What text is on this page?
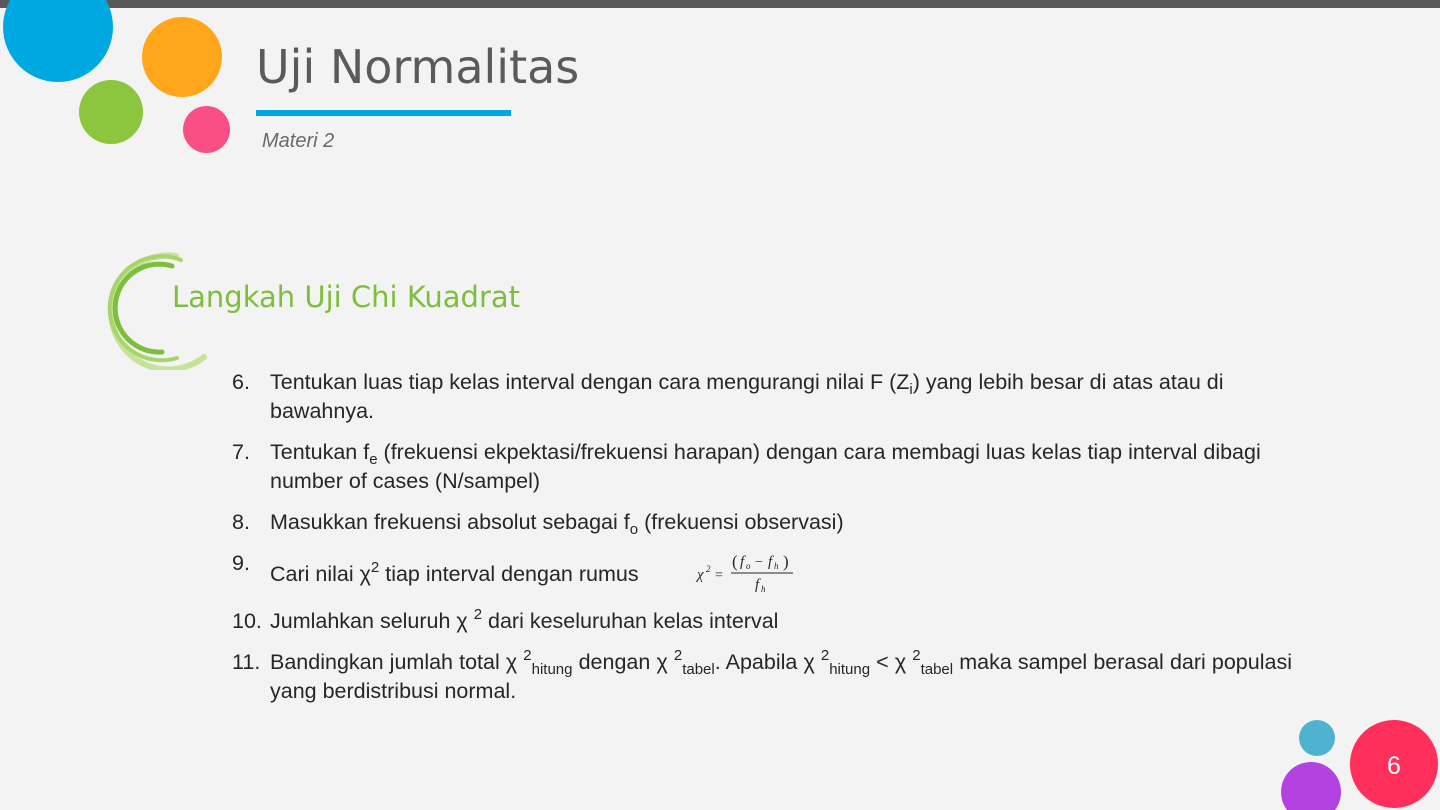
Uji Normalitas
Materi 2
Langkah Uji Chi Kuadrat
6. Tentukan luas tiap kelas interval dengan cara mengurangi nilai F $(Z_i)$ yang lebih besar di atas atau di bawahnya.
7. Tentukan $f_e$ (frekuensi ekpektasi/frekuensi harapan) dengan cara membagi luas kelas tiap interval dibagi number of cases (N/sampel)
8. Masukkan frekuensi absolut sebagai $f_o$ (frekuensi observasi)
9. Cari nilai $\chi^2$ tiap interval dengan rumus	χ 2 =
( f o − f h )
f h
10. Jumlahkan seluruh χ $^2$ dari keseluruhan kelas interval
11. Bandingkan jumlah total χ $^2_{hitung}$ dengan χ $^2_{tabel}$. Apabila χ $^2_{hitung}$ < χ $^2_{tabel}$ maka sampel berasal dari populasi yang berdistribusi normal.
6
